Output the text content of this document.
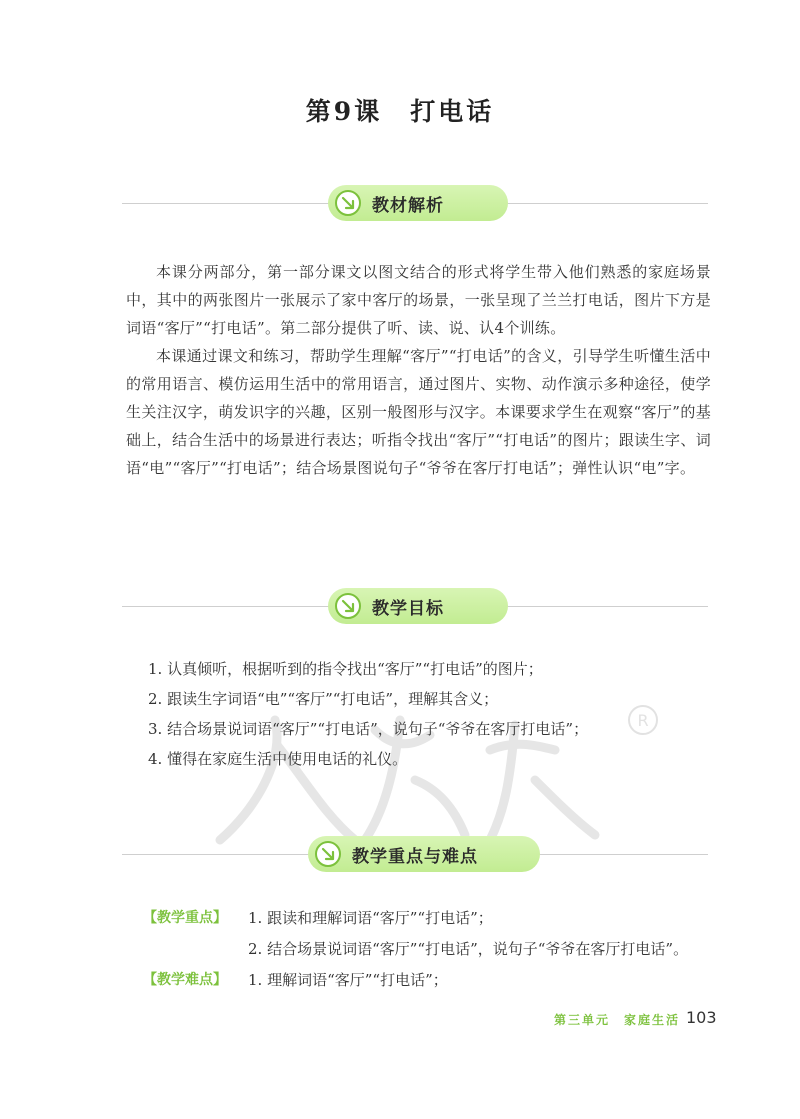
R
第9课　打电话
教材解析
本课分两部分，第一部分课文以图文结合的形式将学生带入他们熟悉的家庭场景中，其中的两张图片一张展示了家中客厅的场景，一张呈现了兰兰打电话，图片下方是词语“客厅”“打电话”。第二部分提供了听、读、说、认4个训练。
本课通过课文和练习，帮助学生理解“客厅”“打电话”的含义，引导学生听懂生活中的常用语言、模仿运用生活中的常用语言，通过图片、实物、动作演示多种途径，使学生关注汉字，萌发识字的兴趣，区别一般图形与汉字。本课要求学生在观察“客厅”的基础上，结合生活中的场景进行表达；听指令找出“客厅”“打电话”的图片；跟读生字、词语“电”“客厅”“打电话”；结合场景图说句子“爷爷在客厅打电话”；弹性认识“电”字。
教学目标
1. 认真倾听，根据听到的指令找出“客厅”“打电话”的图片；
2. 跟读生字词语“电”“客厅”“打电话”，理解其含义；
3. 结合场景说词语“客厅”“打电话”，说句子“爷爷在客厅打电话”；
4. 懂得在家庭生活中使用电话的礼仪。
教学重点与难点
【教学重点】 1. 跟读和理解词语“客厅”“打电话”；
2. 结合场景说词语“客厅”“打电话”，说句子“爷爷在客厅打电话”。
【教学难点】 1. 理解词语“客厅”“打电话”；
第三单元　家庭生活 103
